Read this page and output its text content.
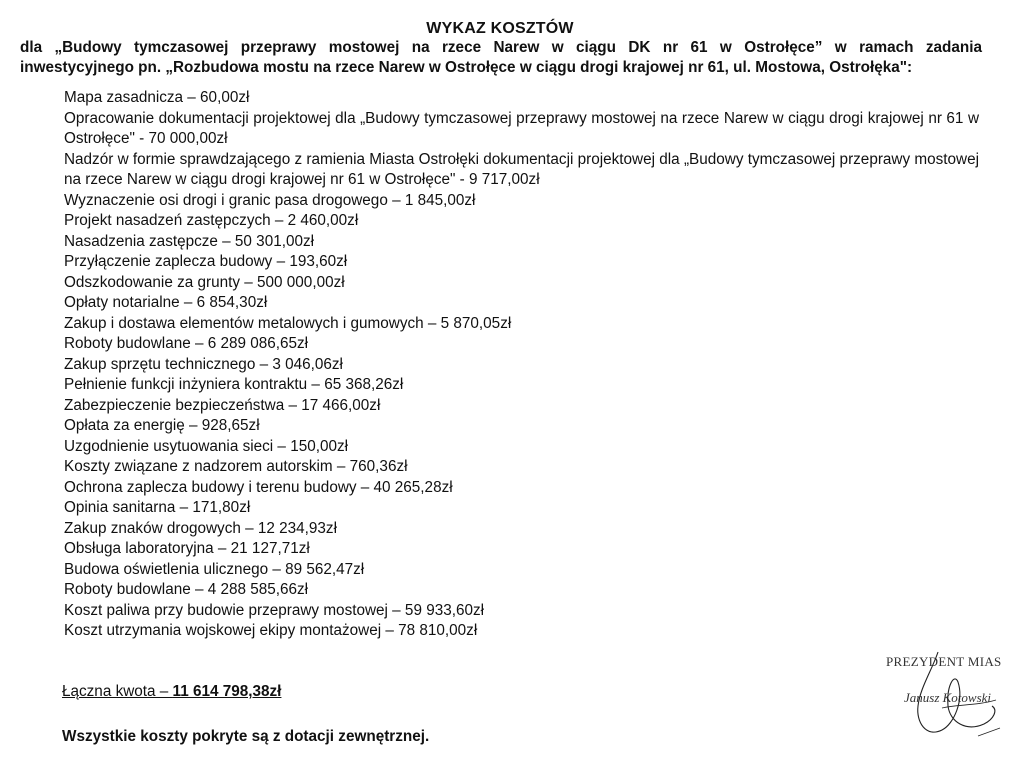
WYKAZ KOSZTÓW
dla „Budowy tymczasowej przeprawy mostowej na rzece Narew w ciągu DK nr 61 w Ostrołęce” w ramach zadania
inwestycyjnego pn. „Rozbudowa mostu na rzece Narew w Ostrołęce w ciągu drogi krajowej nr 61, ul. Mostowa, Ostrołęka":
Mapa zasadnicza – 60,00zł
Opracowanie dokumentacji projektowej dla „Budowy tymczasowej przeprawy mostowej na rzece Narew w ciągu drogi krajowej nr 61 w Ostrołęce" - 70 000,00zł
Nadzór w formie sprawdzającego z ramienia Miasta Ostrołęki dokumentacji projektowej dla „Budowy tymczasowej przeprawy mostowej na rzece Narew w ciągu drogi krajowej nr 61 w Ostrołęce" - 9 717,00zł
Wyznaczenie osi drogi i granic pasa drogowego – 1 845,00zł
Projekt nasadzeń zastępczych – 2 460,00zł
Nasadzenia zastępcze – 50 301,00zł
Przyłączenie zaplecza budowy – 193,60zł
Odszkodowanie za grunty – 500 000,00zł
Opłaty notarialne – 6 854,30zł
Zakup i dostawa elementów metalowych i gumowych – 5 870,05zł
Roboty budowlane – 6 289 086,65zł
Zakup sprzętu technicznego – 3 046,06zł
Pełnienie funkcji inżyniera kontraktu – 65 368,26zł
Zabezpieczenie bezpieczeństwa – 17 466,00zł
Opłata za energię – 928,65zł
Uzgodnienie usytuowania sieci – 150,00zł
Koszty związane z nadzorem autorskim – 760,36zł
Ochrona zaplecza budowy i terenu budowy – 40 265,28zł
Opinia sanitarna – 171,80zł
Zakup znaków drogowych – 12 234,93zł
Obsługa laboratoryjna – 21 127,71zł
Budowa oświetlenia ulicznego – 89 562,47zł
Roboty budowlane – 4 288 585,66zł
Koszt paliwa przy budowie przeprawy mostowej – 59 933,60zł
Koszt utrzymania wojskowej ekipy montażowej – 78 810,00zł
Łączna kwota – 11 614 798,38zł
Wszystkie koszty pokryte są z dotacji zewnętrznej.
PREZYDENT MIAS
Janusz Kotowski
